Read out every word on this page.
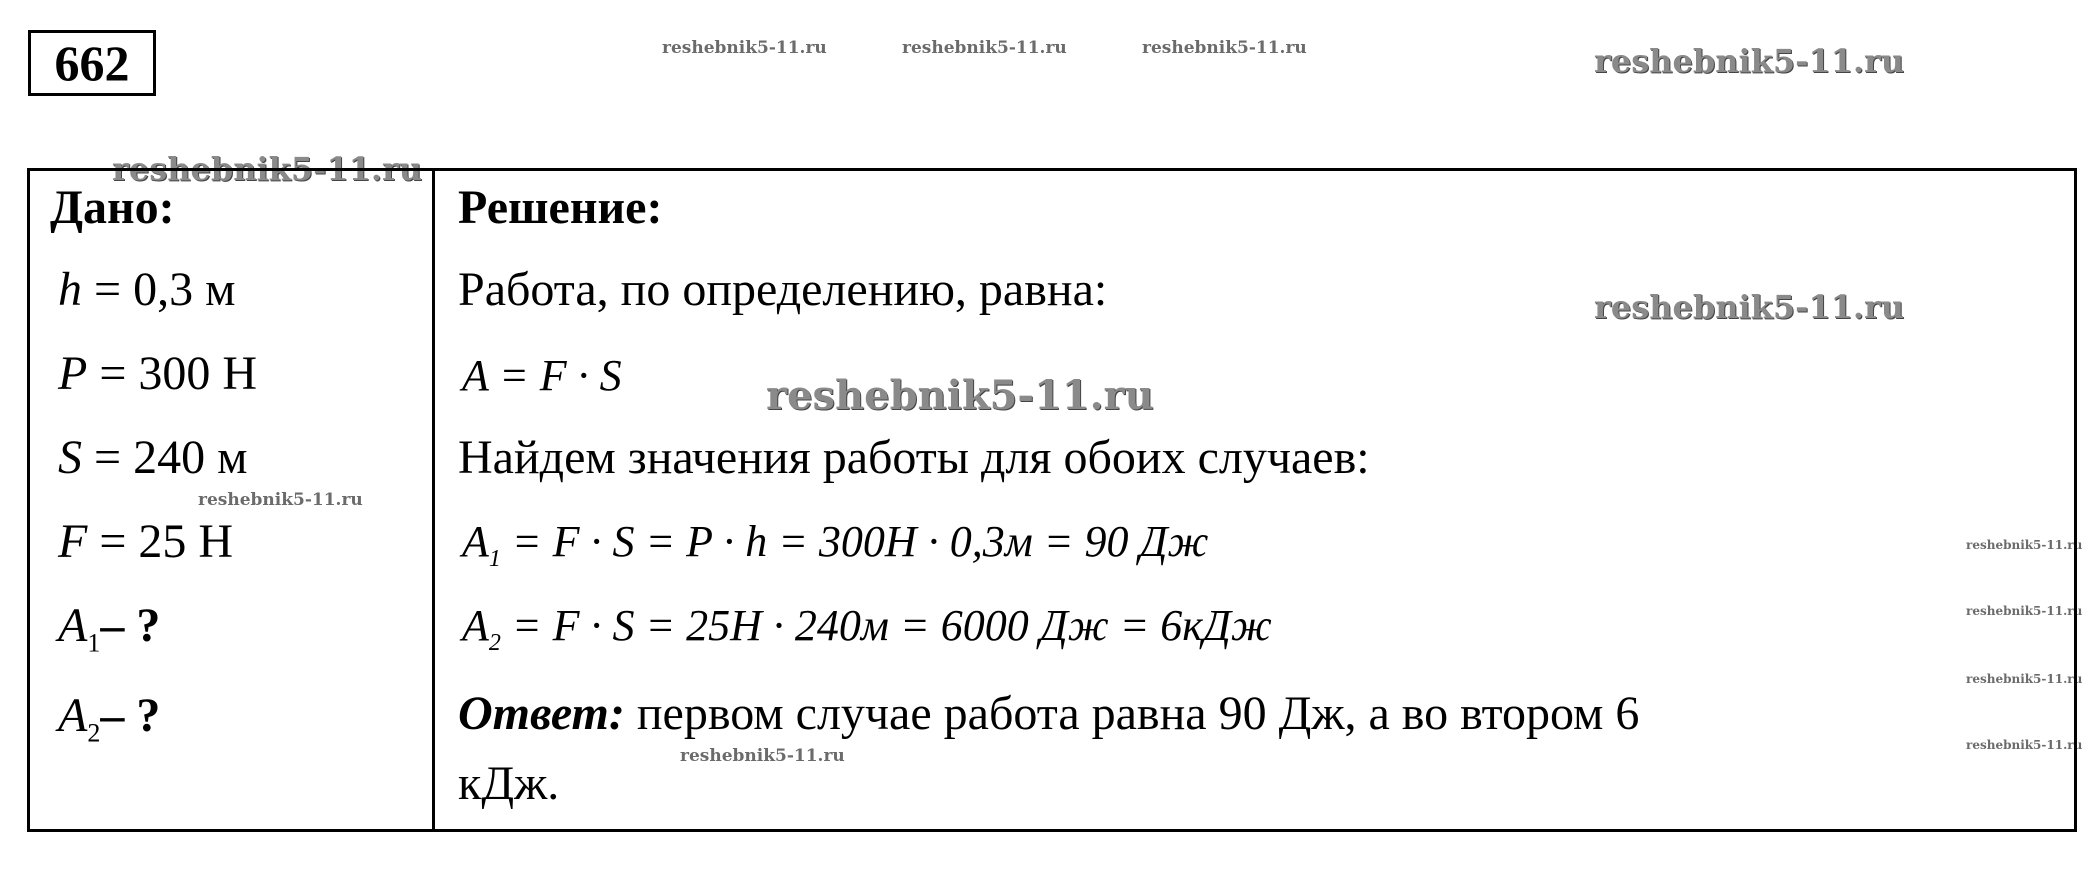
662	reshebnik5-11.ru	reshebnik5-11.ru	reshebnik5-11.ru	reshebnik5-11.ru
reshebnik5-11.ru
reshebnik5-11.ru
reshebnik5-11.ru
reshebnik5-11.ru
reshebnik5-11.ru
reshebnik5-11.ru
reshebnik5-11.ru
reshebnik5-11.ru
reshebnik5-11.ru
Дано:
h = 0,3 м
P = 300 Н
S = 240 м
F = 25 Н
$A_1-$ ?
$A_2-$ ?
Решение:
Работа, по определению, равна:
A = F · S
Найдем значения работы для обоих случаев:
$A_1 = F \cdot S = P \cdot h = 300H \cdot 0,3м = 90$ Дж
$A_2 = F \cdot S = 25H \cdot 240м = 6000$ Дж = 6кДж
Ответ: первом случае работа равна 90 Дж, а во втором 6
кДж.
